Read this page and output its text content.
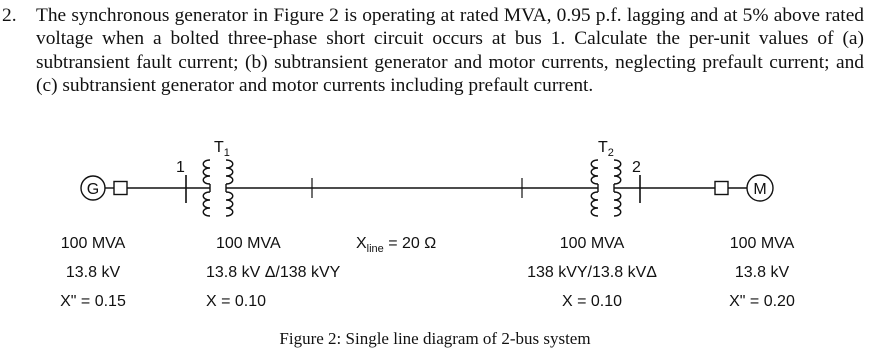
2. The synchronous generator in Figure 2 is operating at rated MVA, 0.95 p.f. lagging and at 5% above rated voltage when a bolted three-phase short circuit occurs at bus 1. Calculate the per-unit values of (a) subtransient fault current; (b) subtransient generator and motor currents, neglecting prefault current; and (c) subtransient generator and motor currents including prefault current.
G	M
1	2
$T_1$	$T_2$
100 MVA
13.8 kV
X" = 0.15
100 MVA
13.8 kV Δ/138 kVY
X = 0.10
$X_{line} = 20$ Ω	100 MVA
138 kVY/13.8 kVΔ
X = 0.10
100 MVA
13.8 kV
X" = 0.20
Figure 2: Single line diagram of 2-bus system
